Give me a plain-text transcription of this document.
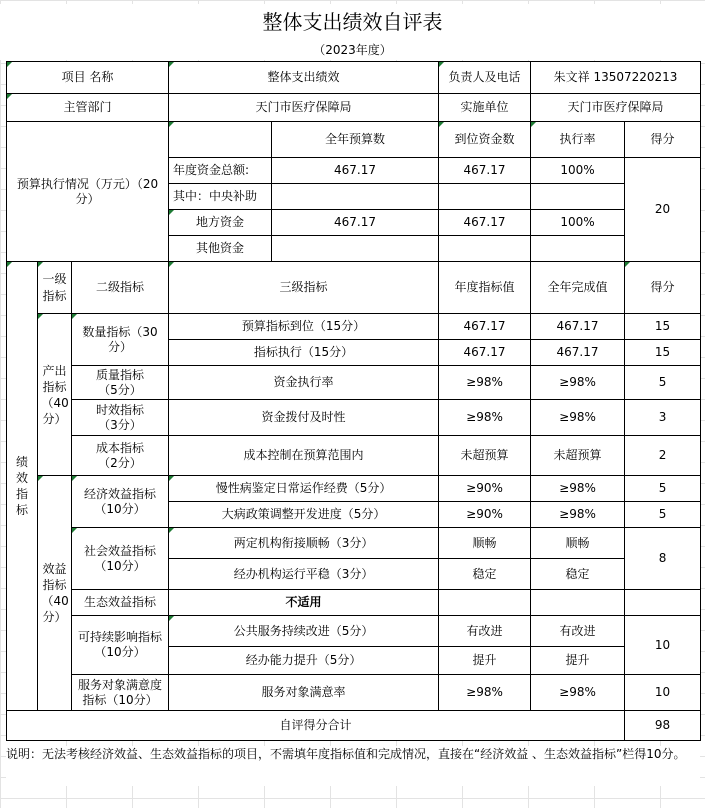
整体支出绩效自评表
（2023年度）
项目 名称			整体支出绩效		负责人及电话	朱文祥 13507220213	
主管部门			天门市医疗保障局		实施单位	天门市医疗保障局	
预算执行情况（万元）（20分）				全年预算数	到位资金数	执行率	得分
			年度资金总额:	467.17	467.17	100%	20
			其中：中央补助				
			地方资金	467.17	467.17	100%	
			其他资金				

绩效指标	一级指标	二级指标	三级指标		年度指标值	全年完成值	得分

	产出指标（40分）	数量指标（30分）	预算指标到位（15分）		467.17	467.17	15
			指标执行（15分）		467.17	467.17	15

		质量指标（5分）	资金执行率		≥98%	≥98%	5

		时效指标（3分）	资金拨付及时性		≥98%	≥98%	3

		成本指标（2分）	成本控制在预算范围内		未超预算	未超预算	2

	效益指标（40分）	经济效益指标（10分）	慢性病鉴定日常运作经费（5分）		≥90%	≥98%	5
			大病政策调整开发进度（5分）		≥90%	≥98%	5
		社会效益指标（10分）	两定机构衔接顺畅（3分）		顺畅	顺畅	8
			经办机构运行平稳（3分）		稳定	稳定	
		生态效益指标	不适用				
		可持续影响指标（10分）	公共服务持续改进（5分）		有改进	有改进	10
			经办能力提升（5分）		提升	提升	
		服务对象满意度指标（10分）	服务对象满意率		≥98%	≥98%	10
自评得分合计							98
说明：无法考核经济效益、生态效益指标的项目，不需填年度指标值和完成情况，直接在“经济效益 、生态效益指标”栏得10分。
